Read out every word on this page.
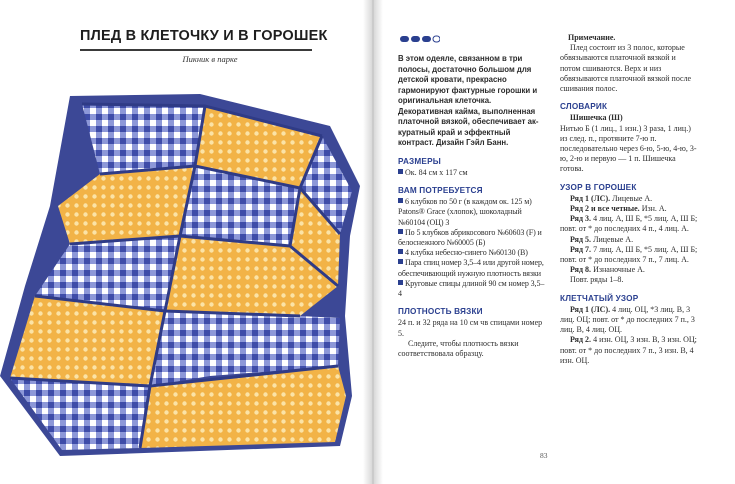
ПЛЕД В КЛЕТОЧКУ И В ГОРОШЕК
Пикник в парке	В этом одеяле, связанном в три полосы, достаточно большом для детской кровати, прекрасно гармонируют фактурные горошки и оригинальная клеточка. Декоративная кайма, выполненная платочной вязкой, обеспечивает аккуратный край и эффектный контраст. Дизайн Гэйл Банн.

РАЗМЕРЫ

Ок. 84 см х 117 см

ВАМ ПОТРЕБУЕТСЯ

6 клубков по 50 г (в каждом ок. 125 м) Patons® Grace (хлопок), шоколадный №60104 (ОЦ) 3

По 5 клубков абрикосового №60603 (F) и белоснежного №60005 (Б)

4 клубка небесно-синего №60130 (В)

Пара спиц номер 3,5–4 или другой номер, обеспечивающий нужную плотность вязки

Круговые спицы длиной 90 см номер 3,5–4

ПЛОТНОСТЬ ВЯЗКИ

24 п. и 32 ряда на 10 см чв спицами номер 5.

Следите, чтобы плотность вязки соответствовала образцу.

Примечание.

Плед состоит из 3 полос, которые обвязываются платочной вязкой и потом сшиваются. Верх и низ обвязываются платочной вязкой после сшивания полос.

СЛОВАРИК

Шишечка (Ш)

Нитью Б (1 лиц., 1 изн.) 3 раза, 1 лиц.) из след. п., протяните 7-ю п. последовательно через 6-ю, 5-ю, 4-ю, 3-ю, 2-ю и первую — 1 п. Шишечка готова.

УЗОР В ГОРОШЕК

Ряд 1 (ЛС). Лицевые А.

Ряд 2 и все четные. Изн. А.

Ряд 3. 4 лиц. А, Ш Б, *5 лиц. А, Ш Б; повт. от * до последних 4 п., 4 лиц. А.

Ряд 5. Лицевые А.

Ряд 7. 7 лиц. А, Ш Б, *5 лиц. А, Ш Б; повт. от * до последних 7 п., 7 лиц. А.

Ряд 8. Изнаночные А.

Повт. ряды 1–8.

КЛЕТЧАТЫЙ УЗОР

Ряд 1 (ЛС). 4 лиц. ОЦ, *3 лиц. В, 3 лиц. ОЦ; повт. от * до последних 7 п., 3 лиц. В, 4 лиц. ОЦ.

Ряд 2. 4 изн. ОЦ, 3 изн. В, 3 изн. ОЦ; повт. от * до последних 7 п., 3 изн. В, 4 изн. ОЦ.

83
